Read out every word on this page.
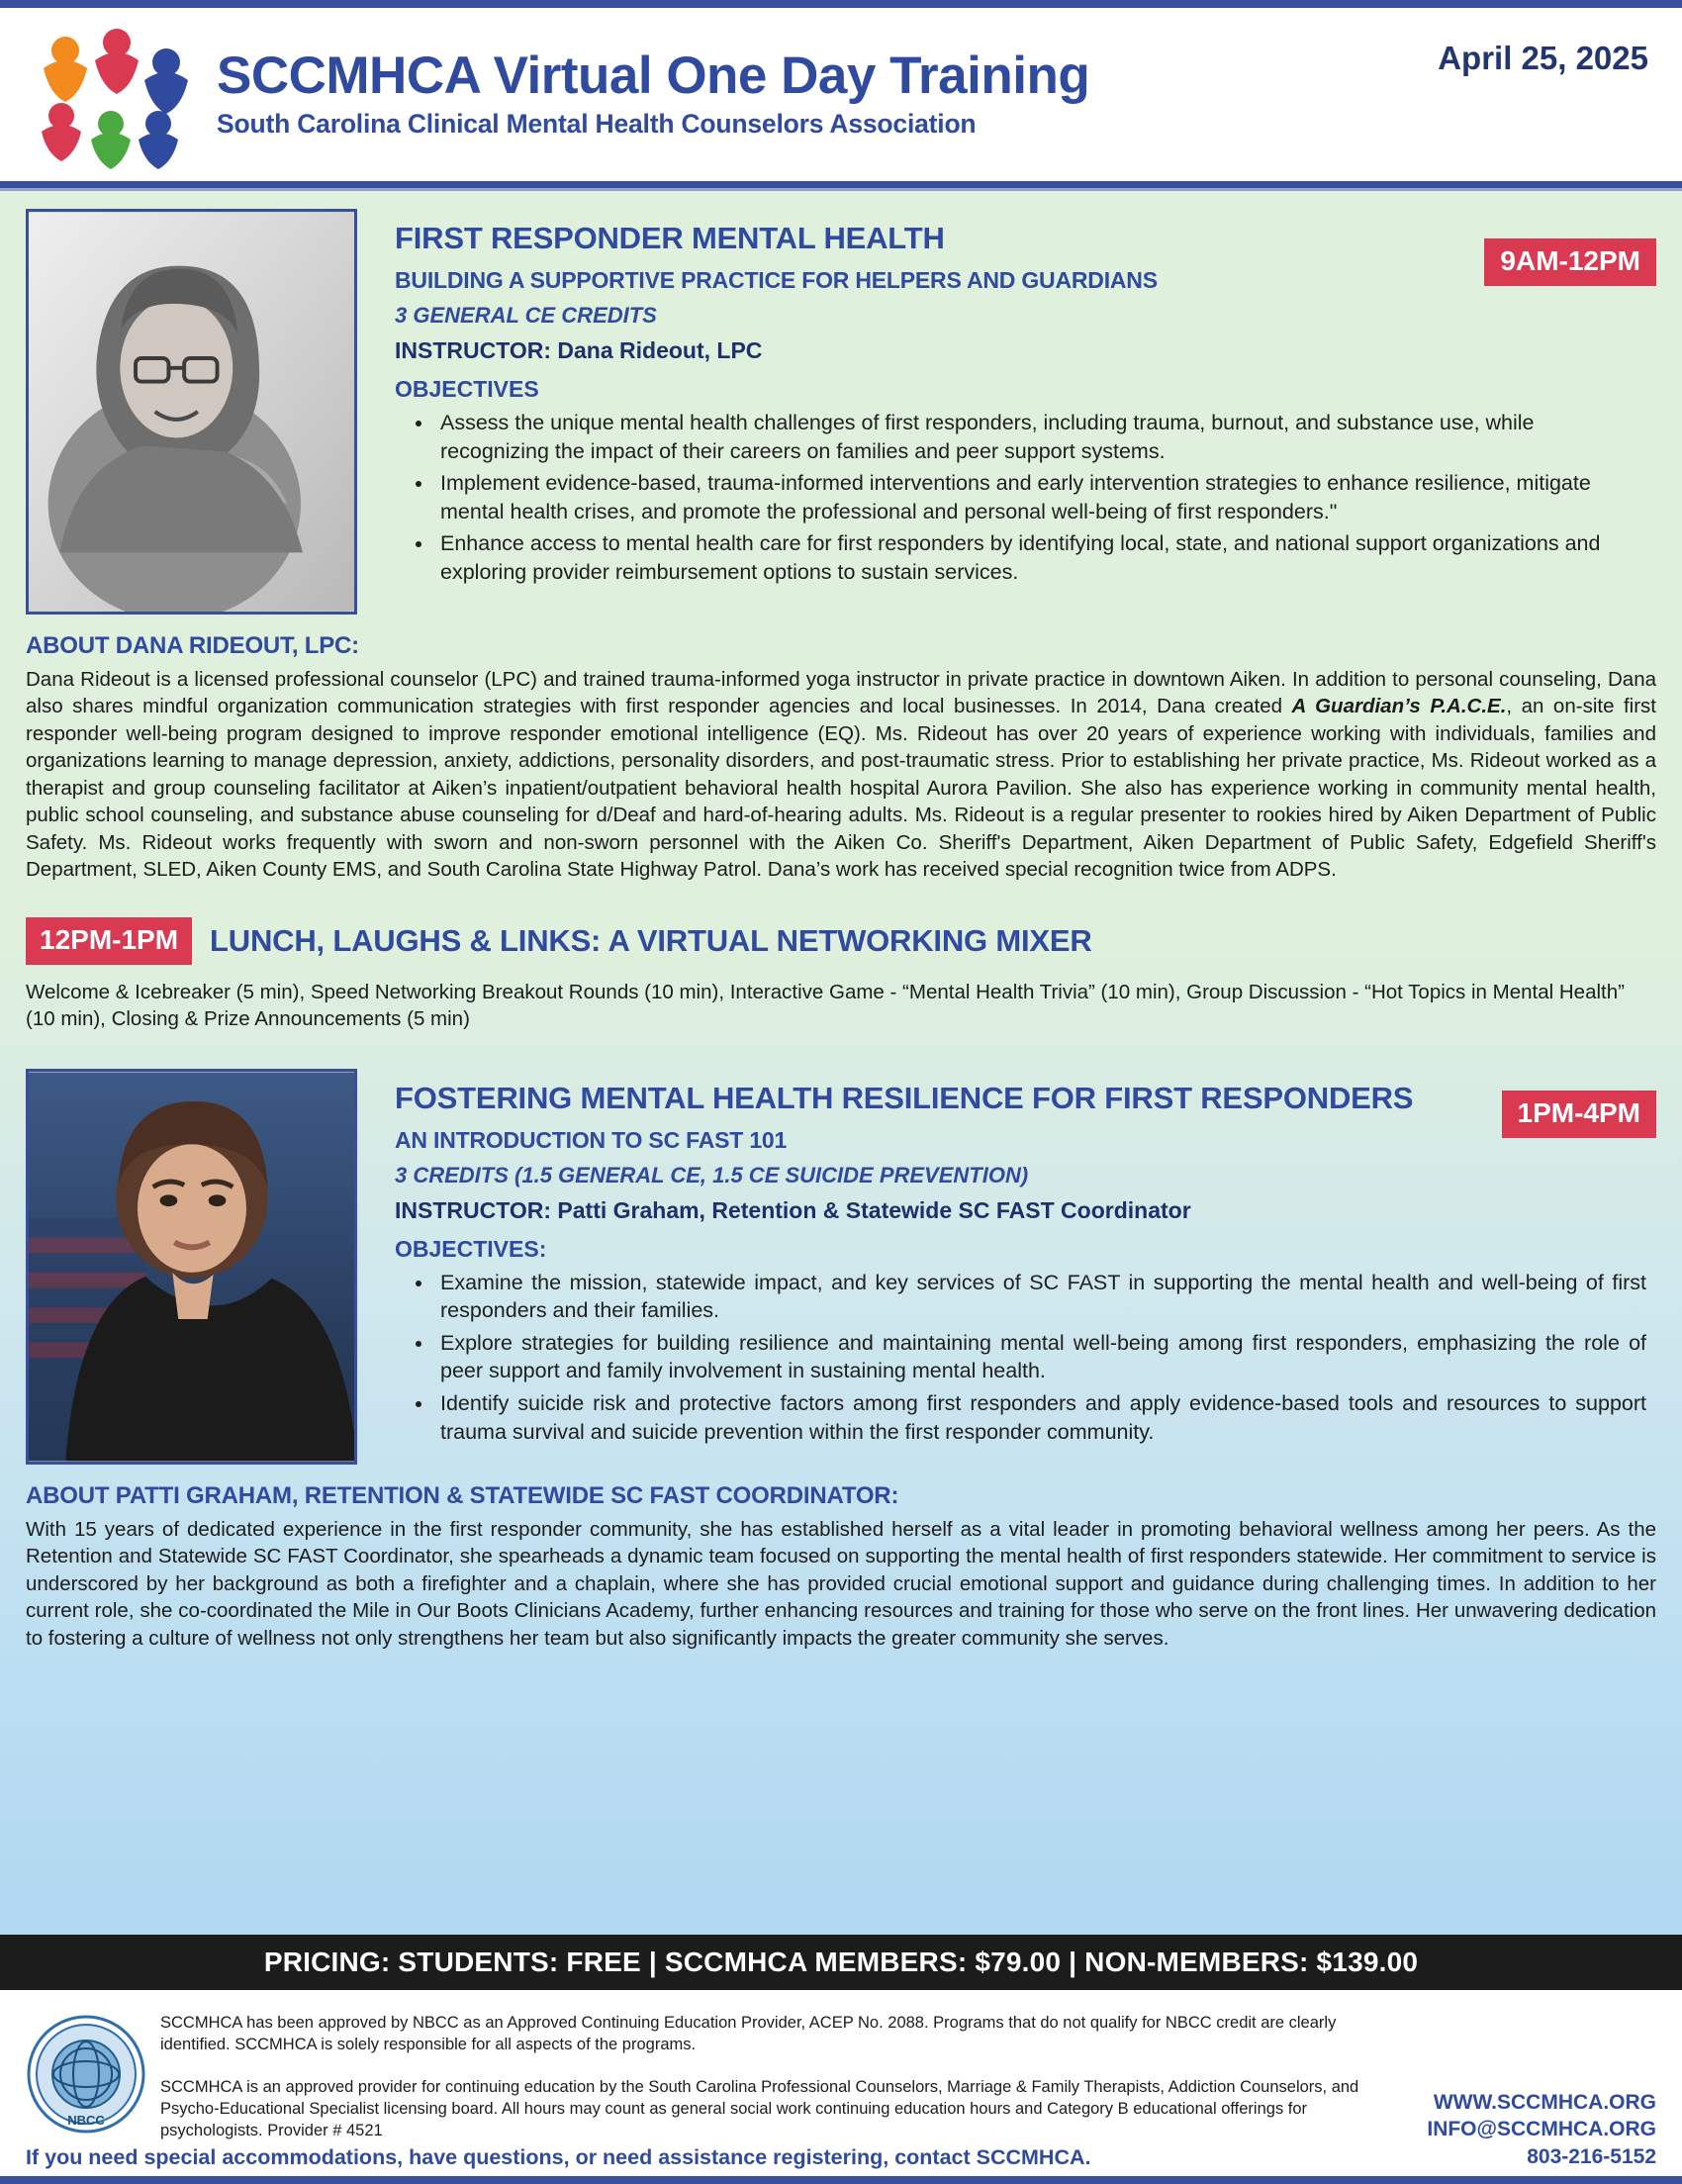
SCCMHCA Virtual One Day Training
South Carolina Clinical Mental Health Counselors Association
April 25, 2025
9AM-12PM
FIRST RESPONDER MENTAL HEALTH
BUILDING A SUPPORTIVE PRACTICE FOR HELPERS AND GUARDIANS
3 GENERAL CE CREDITS
INSTRUCTOR: Dana Rideout, LPC
OBJECTIVES
• Assess the unique mental health challenges of first responders, including trauma, burnout, and substance use, while recognizing the impact of their careers on families and peer support systems.
• Implement evidence-based, trauma-informed interventions and early intervention strategies to enhance resilience, mitigate mental health crises, and promote the professional and personal well-being of first responders."
• Enhance access to mental health care for first responders by identifying local, state, and national support organizations and exploring provider reimbursement options to sustain services.
ABOUT DANA RIDEOUT, LPC:
Dana Rideout is a licensed professional counselor (LPC) and trained trauma-informed yoga instructor in private practice in downtown Aiken. In addition to personal counseling, Dana also shares mindful organization communication strategies with first responder agencies and local businesses. In 2014, Dana created A Guardian’s P.A.C.E., an on-site first responder well-being program designed to improve responder emotional intelligence (EQ). Ms. Rideout has over 20 years of experience working with individuals, families and organizations learning to manage depression, anxiety, addictions, personality disorders, and post-traumatic stress. Prior to establishing her private practice, Ms. Rideout worked as a therapist and group counseling facilitator at Aiken’s inpatient/outpatient behavioral health hospital Aurora Pavilion. She also has experience working in community mental health, public school counseling, and substance abuse counseling for d/Deaf and hard-of-hearing adults. Ms. Rideout is a regular presenter to rookies hired by Aiken Department of Public Safety. Ms. Rideout works frequently with sworn and non-sworn personnel with the Aiken Co. Sheriff's Department, Aiken Department of Public Safety, Edgefield Sheriff's Department, SLED, Aiken County EMS, and South Carolina State Highway Patrol. Dana’s work has received special recognition twice from ADPS.
12PM-1PM	LUNCH, LAUGHS & LINKS: A VIRTUAL NETWORKING MIXER
Welcome & Icebreaker (5 min), Speed Networking Breakout Rounds (10 min), Interactive Game - “Mental Health Trivia” (10 min), Group Discussion - “Hot Topics in Mental Health” (10 min), Closing & Prize Announcements (5 min)
1PM-4PM
FOSTERING MENTAL HEALTH RESILIENCE FOR FIRST RESPONDERS
AN INTRODUCTION TO SC FAST 101
3 CREDITS (1.5 GENERAL CE, 1.5 CE SUICIDE PREVENTION)
INSTRUCTOR: Patti Graham, Retention & Statewide SC FAST Coordinator
OBJECTIVES:
• Examine the mission, statewide impact, and key services of SC FAST in supporting the mental health and well-being of first responders and their families.
• Explore strategies for building resilience and maintaining mental well-being among first responders, emphasizing the role of peer support and family involvement in sustaining mental health.
• Identify suicide risk and protective factors among first responders and apply evidence-based tools and resources to support trauma survival and suicide prevention within the first responder community.
ABOUT PATTI GRAHAM, RETENTION & STATEWIDE SC FAST COORDINATOR:
With 15 years of dedicated experience in the first responder community, she has established herself as a vital leader in promoting behavioral wellness among her peers. As the Retention and Statewide SC FAST Coordinator, she spearheads a dynamic team focused on supporting the mental health of first responders statewide. Her commitment to service is underscored by her background as both a firefighter and a chaplain, where she has provided crucial emotional support and guidance during challenging times. In addition to her current role, she co-coordinated the Mile in Our Boots Clinicians Academy, further enhancing resources and training for those who serve on the front lines. Her unwavering dedication to fostering a culture of wellness not only strengthens her team but also significantly impacts the greater community she serves.
PRICING: STUDENTS: FREE | SCCMHCA MEMBERS: $79.00 | NON-MEMBERS: $139.00
NBCC
SCCMHCA has been approved by NBCC as an Approved Continuing Education Provider, ACEP No. 2088. Programs that do not qualify for NBCC credit are clearly identified. SCCMHCA is solely responsible for all aspects of the programs.
SCCMHCA is an approved provider for continuing education by the South Carolina Professional Counselors, Marriage & Family Therapists, Addiction Counselors, and Psycho-Educational Specialist licensing board. All hours may count as general social work continuing education hours and Category B educational offerings for psychologists. Provider # 4521
WWW.SCCMHCA.ORG
INFO@SCCMHCA.ORG
803-216-5152
If you need special accommodations, have questions, or need assistance registering, contact SCCMHCA.
